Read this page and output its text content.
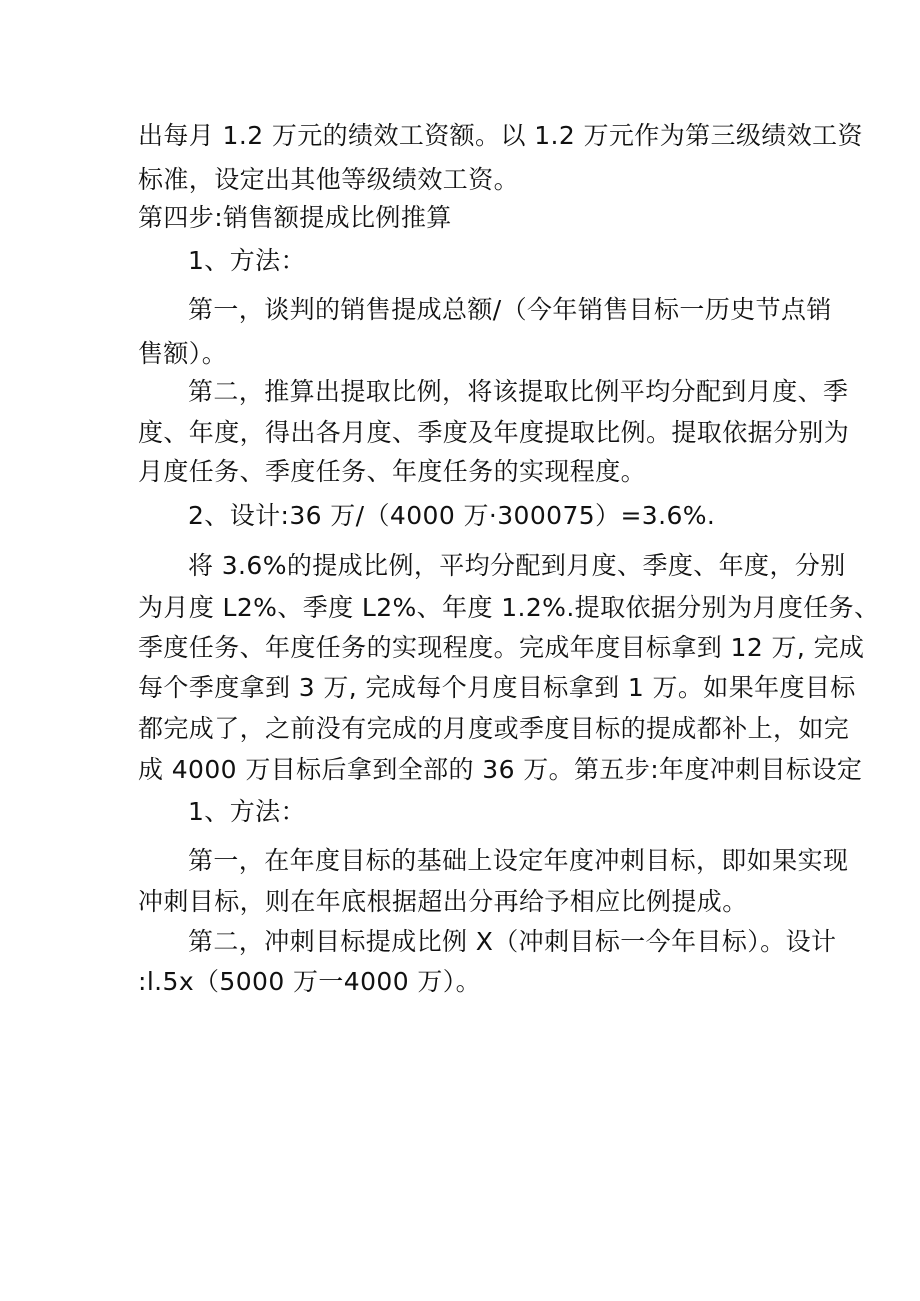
出每月 1.2 万元的绩效工资额。以 1.2 万元作为第三级绩效工资
标准，设定出其他等级绩效工资。
第四步:销售额提成比例推算
1、方法：
第一，谈判的销售提成总额/（今年销售目标一历史节点销
售额）。
第二，推算出提取比例，将该提取比例平均分配到月度、季
度、年度，得出各月度、季度及年度提取比例。提取依据分别为
月度任务、季度任务、年度任务的实现程度。
2、设计:36 万/（4000 万·300075）=3.6%.
将 3.6%的提成比例，平均分配到月度、季度、年度，分别
为月度 L2%、季度 L2%、年度 1.2%.提取依据分别为月度任务、
季度任务、年度任务的实现程度。完成年度目标拿到 12 万, 完成
每个季度拿到 3 万, 完成每个月度目标拿到 1 万。如果年度目标
都完成了，之前没有完成的月度或季度目标的提成都补上，如完
成 4000 万目标后拿到全部的 36 万。第五步:年度冲刺目标设定
1、方法：
第一，在年度目标的基础上设定年度冲刺目标，即如果实现
冲刺目标，则在年底根据超出分再给予相应比例提成。
第二，冲刺目标提成比例 X（冲刺目标一今年目标）。设计
:l.5x（5000 万一4000 万）。
